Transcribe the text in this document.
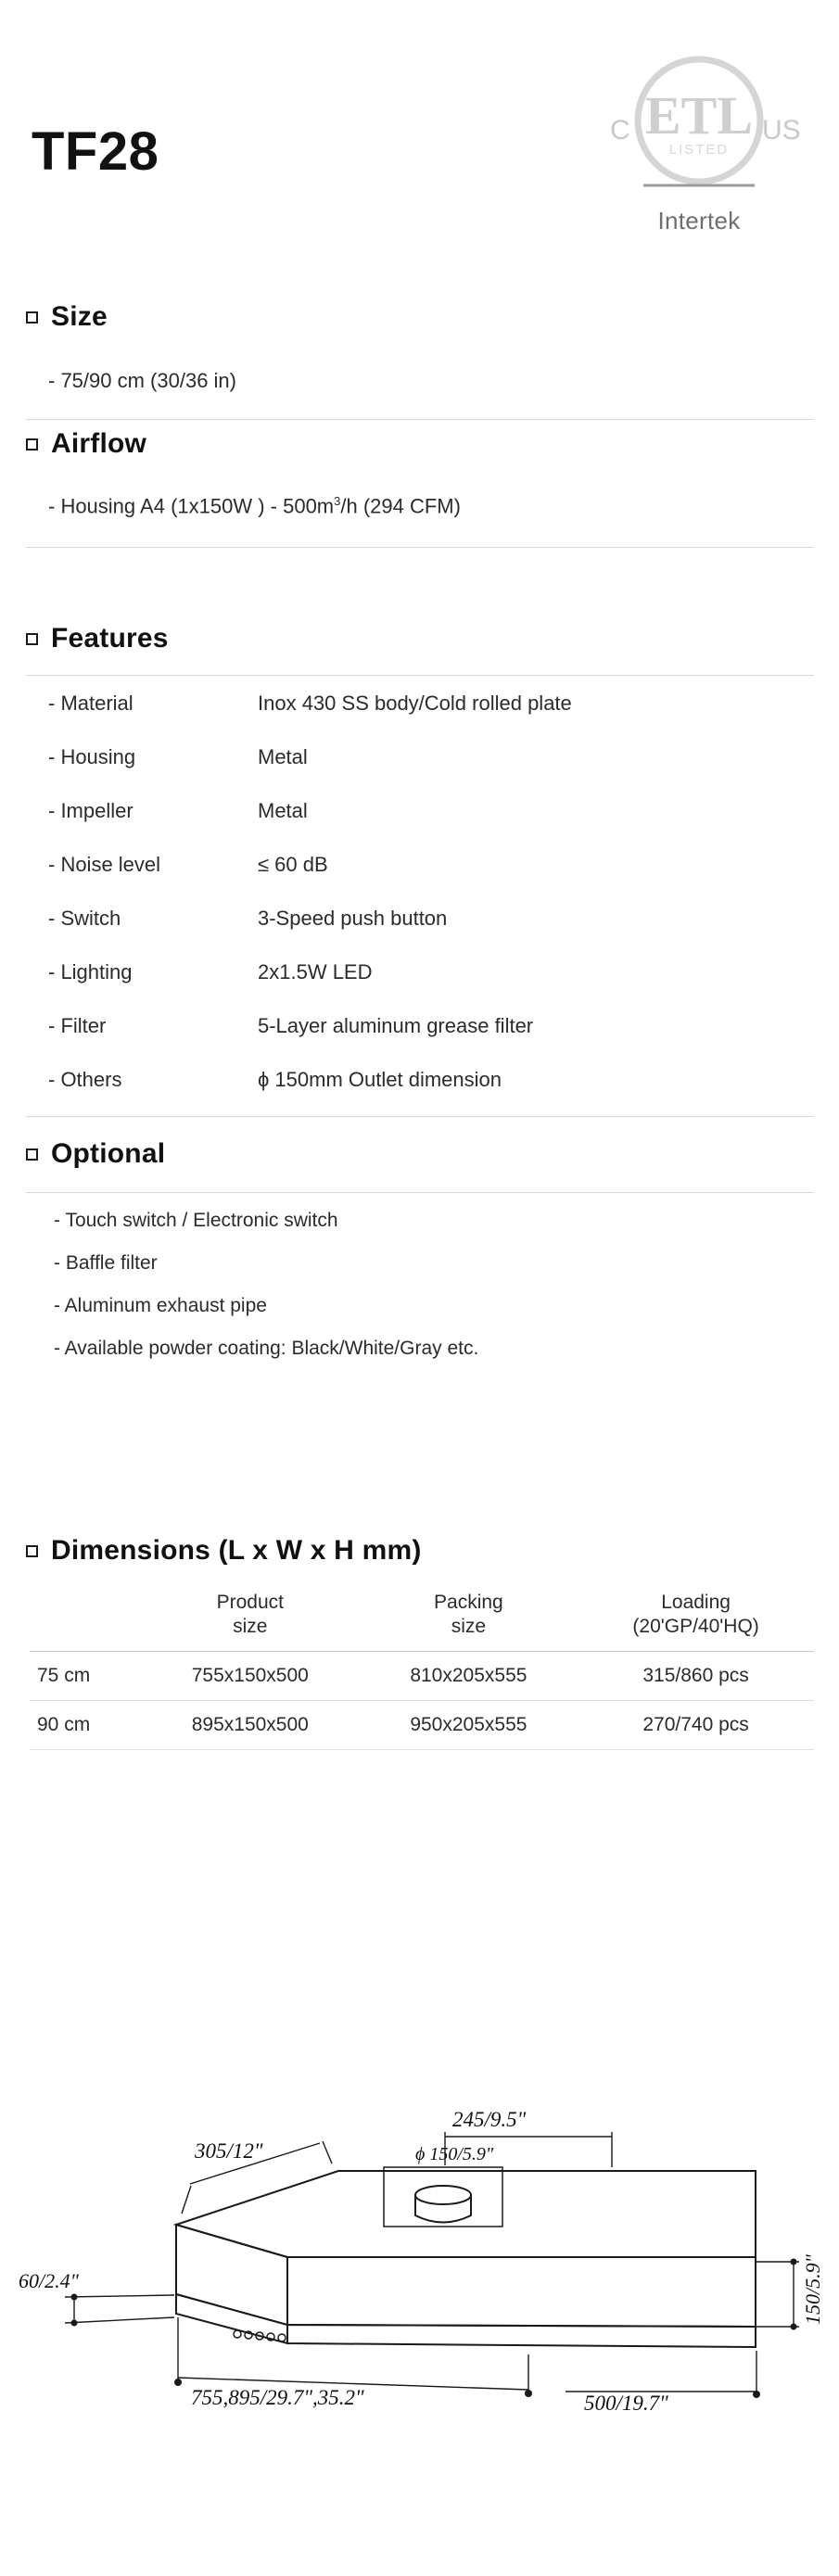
TF28
ETL
LISTED
C	US
Intertek
Size
- 75/90 cm (30/36 in)
Airflow
- Housing A4 (1x150W ) - $500m^3/h$ (294 CFM)
Features
- Material	Inox 430 SS body/Cold rolled plate
- Housing	Metal
- Impeller	Metal
- Noise level	≤ 60 dB
- Switch	3-Speed push button
- Lighting	2x1.5W LED
- Filter	5-Layer aluminum grease filter
- Others	ϕ 150mm Outlet dimension
Optional
- Touch switch / Electronic switch
- Baffle filter
- Aluminum exhaust pipe
- Available powder coating: Black/White/Gray etc.
Dimensions (L x W x H mm)

Product
size

Packing
size

Loading
(20'GP/40'HQ)

75 cm	755x150x500	810x205x555	315/860 pcs
90 cm	895x150x500	950x205x555	270/740 pcs
305/12"
245/9.5"
ϕ 150/5.9"
60/2.4"	150/5.9"
755,895/29.7",35.2"	500/19.7"
